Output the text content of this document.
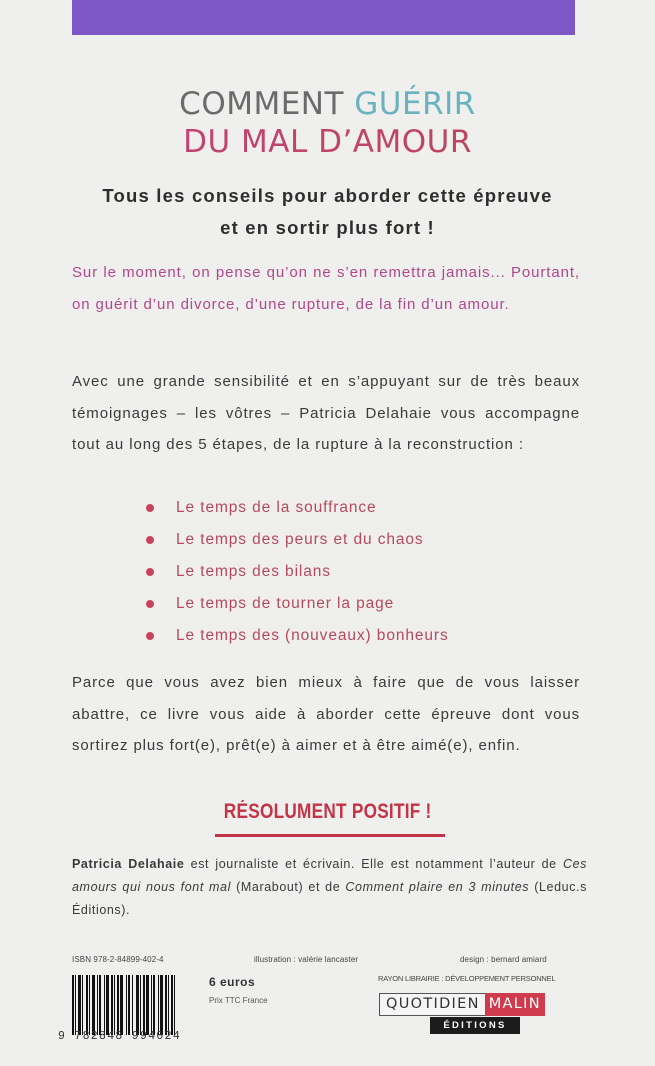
COMMENT GUÉRIR
DU MAL D’AMOUR
Tous les conseils pour aborder cette épreuve
et en sortir plus fort !
Sur le moment, on pense qu’on ne s’en remettra jamais... Pourtant, on guérit d’un divorce, d’une rupture, de la fin d’un amour.
Avec une grande sensibilité et en s’appuyant sur de très beaux témoignages – les vôtres – Patricia Delahaie vous accompagne tout au long des 5 étapes, de la rupture à la reconstruction :
Le temps de la souffrance
Le temps des peurs et du chaos
Le temps des bilans
Le temps de tourner la page
Le temps des (nouveaux) bonheurs
Parce que vous avez bien mieux à faire que de vous laisser abattre, ce livre vous aide à aborder cette épreuve dont vous sortirez plus fort(e), prêt(e) à aimer et à être aimé(e), enfin.
RÉSOLUMENT POSITIF !
Patricia Delahaie est journaliste et écrivain. Elle est notamment l’auteur de Ces amours qui nous font mal (Marabout) et de Comment plaire en 3 minutes (Leduc.s Éditions).
ISBN 978-2-84899-402-4	illustration : valérie lancaster	design : bernard amiard
RAYON LIBRAIRIE : DÉVELOPPEMENT PERSONNEL
9 782848 994024
6 euros
Prix TTC France	QUOTIDIEN MALIN
ÉDITIONS
